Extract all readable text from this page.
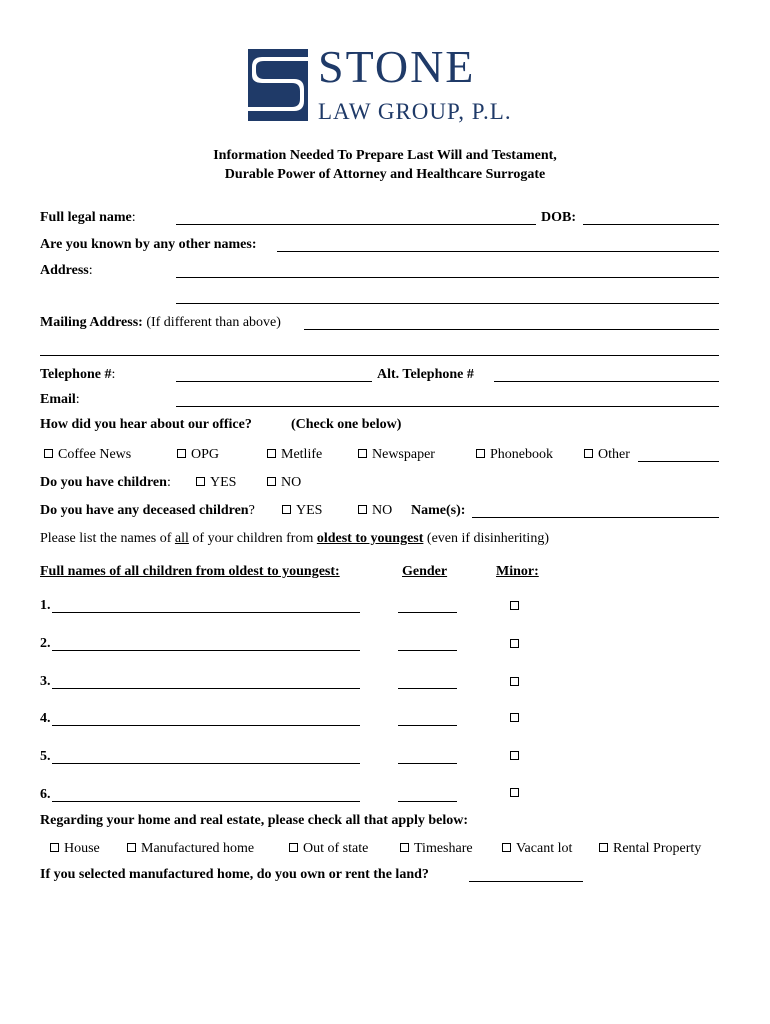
STONE
LAW GROUP, P.L.
Information Needed To Prepare Last Will and Testament,
Durable Power of Attorney and Healthcare Surrogate
Full legal name:	DOB:
Are you known by any other names:
Address:
Mailing Address: (If different than above)
Telephone #:	Alt. Telephone #
Email:
How did you hear about our office?	(Check one below)
Coffee News	OPG	Metlife	Newspaper	Phonebook	Other
Do you have children:	YES	NO
Do you have any deceased children?	YES	NO Name(s):
Please list the names of all of your children from oldest to youngest (even if disinheriting)
Full names of all children from oldest to youngest:	Gender	Minor:
1.
2.
3.
4.
5.
6.
Regarding your home and real estate, please check all that apply below:
House	Manufactured home	Out of state	Timeshare	Vacant lot	Rental Property
If you selected manufactured home, do you own or rent the land?
